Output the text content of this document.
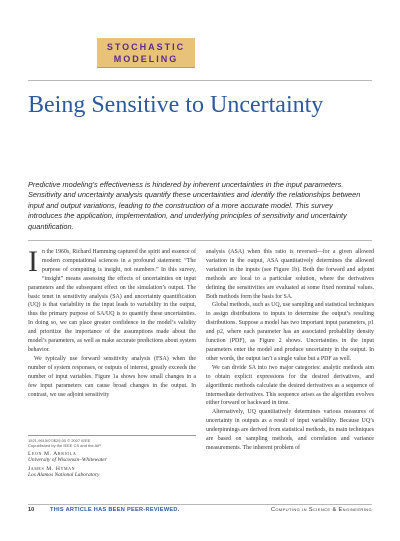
STOCHASTIC
MODELING
Being Sensitive to Uncertainty
Predictive modeling’s effectiveness is hindered by inherent uncertainties in the input parameters. Sensitivity and uncertainty analysis quantify these uncertainties and identify the relationships between input and output variations, leading to the construction of a more accurate model. This survey introduces the application, implementation, and underlying principles of sensitivity and uncertainty quantification.

In the 1960s, Richard Hamming captured the spirit and essence of modern computational sciences in a profound statement: “The purpose of computing is insight, not numbers.” In this survey, “insight” means assessing the effects of uncertainties on input parameters and the subsequent effect on the simulation’s output. The basic tenet in sensitivity analysis (SA) and uncertainty quantification (UQ) is that variability in the input leads to variability in the output, thus the primary purpose of SA/UQ is to quantify these uncertainties. In doing so, we can place greater confidence in the model’s validity and prioritize the importance of the assumptions made about the model’s parameters, as well as make accurate predictions about system behavior.

We typically use forward sensitivity analysis (FSA) when the number of system responses, or outputs of interest, greatly exceeds the number of input variables. Figure 1a shows how small changes in a few input parameters can cause broad changes in the output. In contrast, we use adjoint sensitivity

analysis (ASA) when this ratio is reversed—for a given allowed variation in the output, ASA quantitatively determines the allowed variation in the inputs (see Figure 1b). Both the forward and adjoint methods are local to a particular solution, where the derivatives defining the sensitivities are evaluated at some fixed nominal values. Both methods form the basis for SA.

Global methods, such as UQ, use sampling and statistical techniques to assign distributions to inputs to determine the output’s resulting distributions. Suppose a model has two important input parameters, p1 and p2, where each parameter has an associated probability density function (PDF), as Figure 2 shows. Uncertainties in the input parameters enter the model and produce uncertainty in the output. In other words, the output isn’t a single value but a PDF as well.

We can divide SA into two major categories: analytic methods aim to obtain explicit expressions for the desired derivatives, and algorithmic methods calculate the desired derivatives as a sequence of intermediate derivatives. This sequence arises as the algorithm evolves either forward or backward in time.

Alternatively, UQ quantitatively determines various measures of uncertainty in outputs as a result of input variability. Because UQ’s underpinnings are derived from statistical methods, its main techniques are based on sampling methods, and correlation and variance measurements. The inherent problem of

1521-9615/07/$25.00 © 2007 IEEE
Copublished by the IEEE CS and the AIP
Leon M. Arriola
University of Wisconsin–Whitewater
James M. Hyman
Los Alamos National Laboratory
10	THIS ARTICLE HAS BEEN PEER-REVIEWED.	Computing in Science & Engineering
